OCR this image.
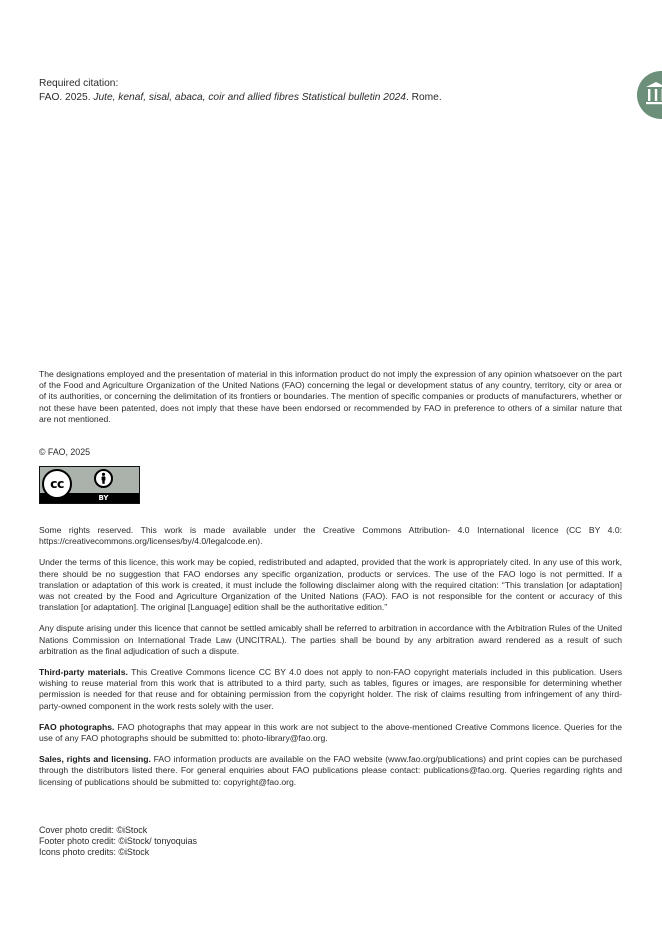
Required citation:
FAO. 2025. Jute, kenaf, sisal, abaca, coir and allied fibres Statistical bulletin 2024. Rome.

The designations employed and the presentation of material in this information product do not imply the expression of any opinion whatsoever on the part of the Food and Agriculture Organization of the United Nations (FAO) concerning the legal or development status of any country, territory, city or area or of its authorities, or concerning the delimitation of its frontiers or boundaries. The mention of specific companies or products of manufacturers, whether or not these have been patented, does not imply that these have been endorsed or recommended by FAO in preference to others of a similar nature that are not mentioned.

© FAO, 2025
cc
BY

Some rights reserved. This work is made available under the Creative Commons Attribution- 4.0 International licence (CC BY 4.0: https://creativecommons.org/licenses/by/4.0/legalcode.en).

Under the terms of this licence, this work may be copied, redistributed and adapted, provided that the work is appropriately cited. In any use of this work, there should be no suggestion that FAO endorses any specific organization, products or services. The use of the FAO logo is not permitted. If a translation or adaptation of this work is created, it must include the following disclaimer along with the required citation: “This translation [or adaptation] was not created by the Food and Agriculture Organization of the United Nations (FAO). FAO is not responsible for the content or accuracy of this translation [or adaptation]. The original [Language] edition shall be the authoritative edition.”

Any dispute arising under this licence that cannot be settled amicably shall be referred to arbitration in accordance with the Arbitration Rules of the United Nations Commission on International Trade Law (UNCITRAL). The parties shall be bound by any arbitration award rendered as a result of such arbitration as the final adjudication of such a dispute.

Third-party materials. This Creative Commons licence CC BY 4.0 does not apply to non-FAO copyright materials included in this publication. Users wishing to reuse material from this work that is attributed to a third party, such as tables, figures or images, are responsible for determining whether permission is needed for that reuse and for obtaining permission from the copyright holder. The risk of claims resulting from infringement of any third-party-owned component in the work rests solely with the user.

FAO photographs. FAO photographs that may appear in this work are not subject to the above-mentioned Creative Commons licence. Queries for the use of any FAO photographs should be submitted to: photo-library@fao.org.

Sales, rights and licensing. FAO information products are available on the FAO website (www.fao.org/publications) and print copies can be purchased through the distributors listed there. For general enquiries about FAO publications please contact: publications@fao.org. Queries regarding rights and licensing of publications should be submitted to: copyright@fao.org.

Cover photo credit: ©iStock
Footer photo credit: ©iStock/ tonyoquias
Icons photo credits: ©iStock
